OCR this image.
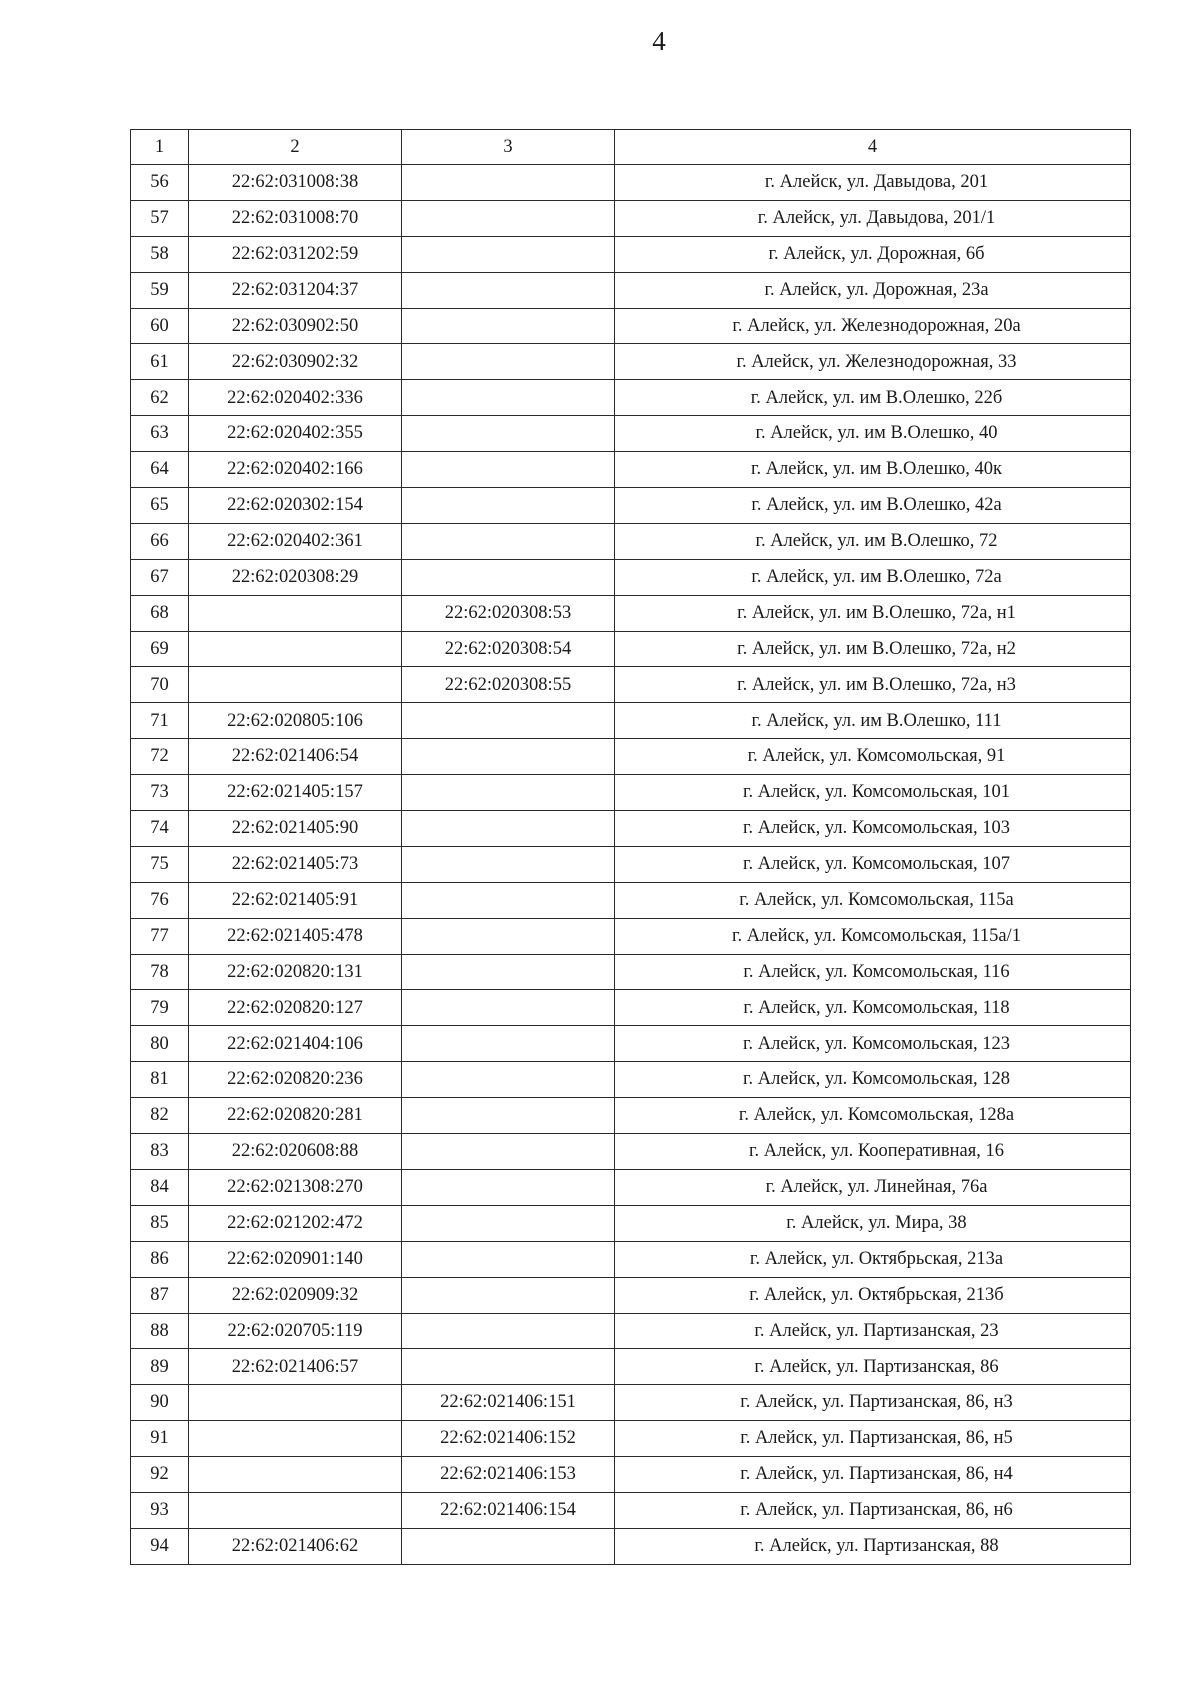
4
1	2	3	4
56	22:62:031008:38		г. Алейск, ул. Давыдова, 201
57	22:62:031008:70		г. Алейск, ул. Давыдова, 201/1
58	22:62:031202:59		г. Алейск, ул. Дорожная, 6б
59	22:62:031204:37		г. Алейск, ул. Дорожная, 23а
60	22:62:030902:50		г. Алейск, ул. Железнодорожная, 20а
61	22:62:030902:32		г. Алейск, ул. Железнодорожная, 33
62	22:62:020402:336		г. Алейск, ул. им В.Олешко, 22б
63	22:62:020402:355		г. Алейск, ул. им В.Олешко, 40
64	22:62:020402:166		г. Алейск, ул. им В.Олешко, 40к
65	22:62:020302:154		г. Алейск, ул. им В.Олешко, 42а
66	22:62:020402:361		г. Алейск, ул. им В.Олешко, 72
67	22:62:020308:29		г. Алейск, ул. им В.Олешко, 72а
68		22:62:020308:53	г. Алейск, ул. им В.Олешко, 72а, н1
69		22:62:020308:54	г. Алейск, ул. им В.Олешко, 72а, н2
70		22:62:020308:55	г. Алейск, ул. им В.Олешко, 72а, н3
71	22:62:020805:106		г. Алейск, ул. им В.Олешко, 111
72	22:62:021406:54		г. Алейск, ул. Комсомольская, 91
73	22:62:021405:157		г. Алейск, ул. Комсомольская, 101
74	22:62:021405:90		г. Алейск, ул. Комсомольская, 103
75	22:62:021405:73		г. Алейск, ул. Комсомольская, 107
76	22:62:021405:91		г. Алейск, ул. Комсомольская, 115а
77	22:62:021405:478		г. Алейск, ул. Комсомольская, 115а/1
78	22:62:020820:131		г. Алейск, ул. Комсомольская, 116
79	22:62:020820:127		г. Алейск, ул. Комсомольская, 118
80	22:62:021404:106		г. Алейск, ул. Комсомольская, 123
81	22:62:020820:236		г. Алейск, ул. Комсомольская, 128
82	22:62:020820:281		г. Алейск, ул. Комсомольская, 128а
83	22:62:020608:88		г. Алейск, ул. Кооперативная, 16
84	22:62:021308:270		г. Алейск, ул. Линейная, 76а
85	22:62:021202:472		г. Алейск, ул. Мира, 38
86	22:62:020901:140		г. Алейск, ул. Октябрьская, 213а
87	22:62:020909:32		г. Алейск, ул. Октябрьская, 213б
88	22:62:020705:119		г. Алейск, ул. Партизанская, 23
89	22:62:021406:57		г. Алейск, ул. Партизанская, 86
90		22:62:021406:151	г. Алейск, ул. Партизанская, 86, н3
91		22:62:021406:152	г. Алейск, ул. Партизанская, 86, н5
92		22:62:021406:153	г. Алейск, ул. Партизанская, 86, н4
93		22:62:021406:154	г. Алейск, ул. Партизанская, 86, н6
94	22:62:021406:62		г. Алейск, ул. Партизанская, 88
